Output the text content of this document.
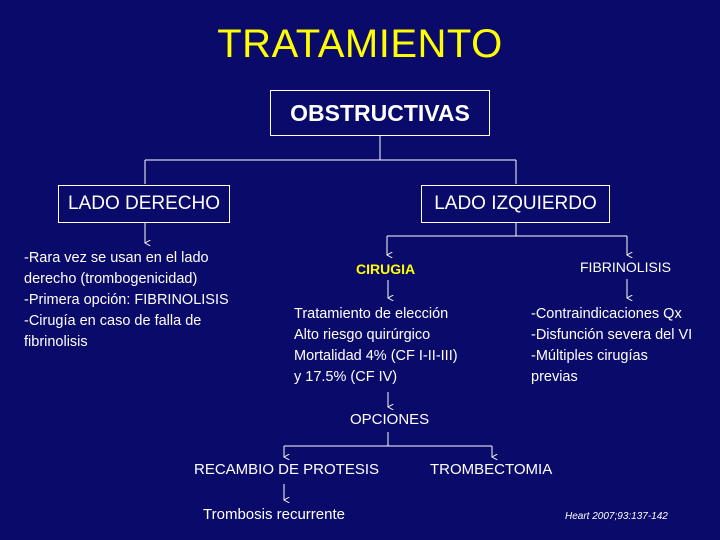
TRATAMIENTO
OBSTRUCTIVAS
LADO DERECHO	LADO IZQUIERDO
-Rara vez se usan en el lado
derecho (trombogenicidad)
-Primera opción: FIBRINOLISIS
-Cirugía en caso de falla de
fibrinolisis
CIRUGIA	FIBRINOLISIS
Tratamiento de elección
Alto riesgo quirúrgico
Mortalidad 4% (CF I-II-III)
y 17.5% (CF IV)
-Contraindicaciones Qx
-Disfunción severa del VI
-Múltiples cirugías
previas
OPCIONES
RECAMBIO DE PROTESIS	TROMBECTOMIA
Trombosis recurrente	Heart 2007;93:137-142
